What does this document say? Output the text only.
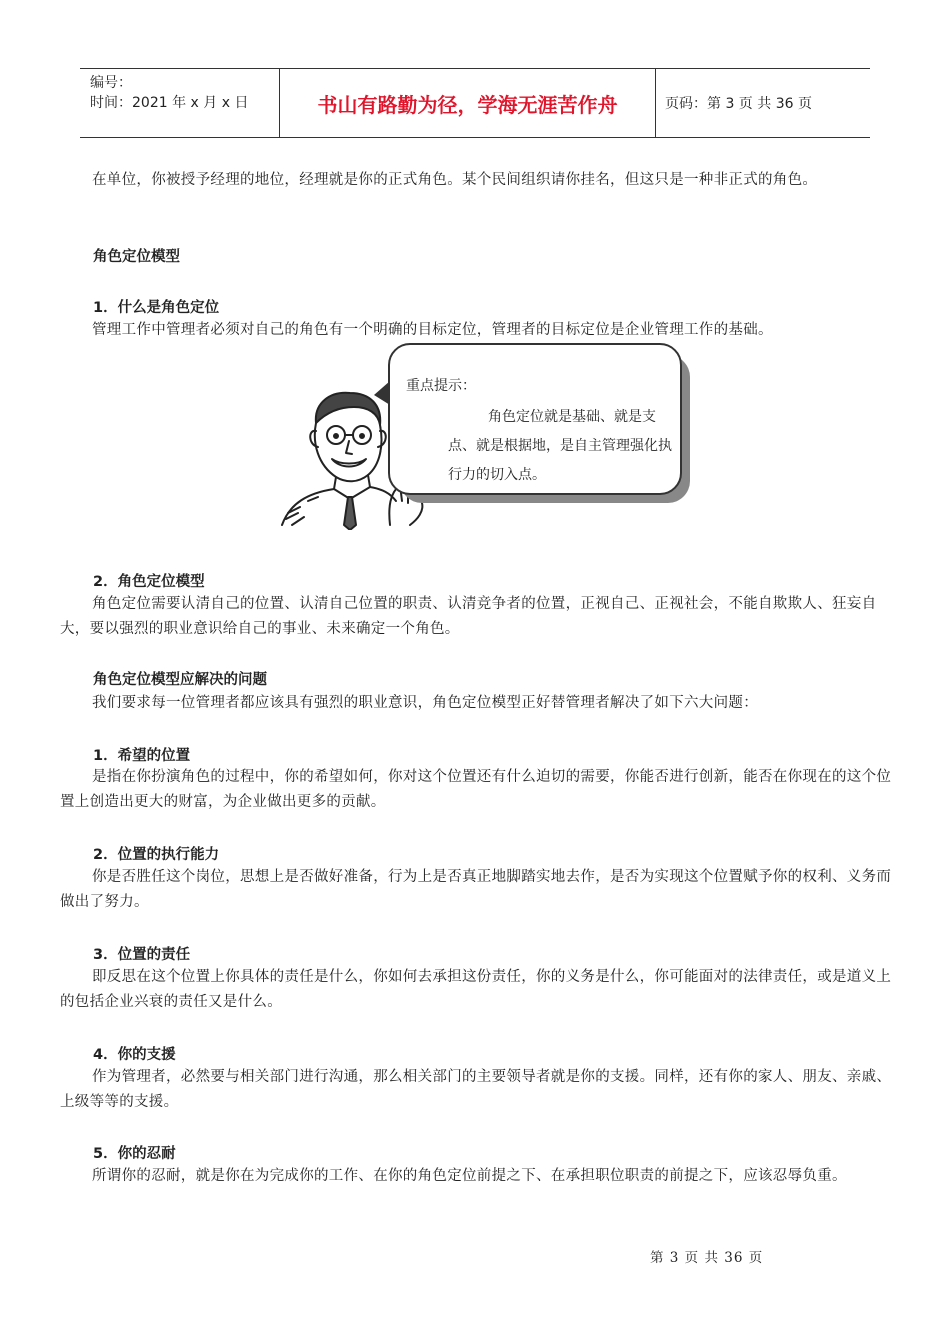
编号：
时间：2021 年 x 月 x 日	书山有路勤为径，学海无涯苦作舟	页码：第 3 页 共 36 页
在单位，你被授予经理的地位，经理就是你的正式角色。某个民间组织请你挂名，但这只是一种非正式的角色。
角色定位模型
1．什么是角色定位
管理工作中管理者必须对自己的角色有一个明确的目标定位，管理者的目标定位是企业管理工作的基础。
重点提示：
角色定位就是基础、就是支点、就是根据地，是自主管理强化执行力的切入点。
2．角色定位模型
角色定位需要认清自己的位置、认清自己位置的职责、认清竞争者的位置，正视自己、正视社会，不能自欺欺人、狂妄自大，要以强烈的职业意识给自己的事业、未来确定一个角色。
角色定位模型应解决的问题
我们要求每一位管理者都应该具有强烈的职业意识，角色定位模型正好替管理者解决了如下六大问题：
1．希望的位置
是指在你扮演角色的过程中，你的希望如何，你对这个位置还有什么迫切的需要，你能否进行创新，能否在你现在的这个位置上创造出更大的财富，为企业做出更多的贡献。
2．位置的执行能力
你是否胜任这个岗位，思想上是否做好准备，行为上是否真正地脚踏实地去作，是否为实现这个位置赋予你的权利、义务而做出了努力。
3．位置的责任
即反思在这个位置上你具体的责任是什么，你如何去承担这份责任，你的义务是什么，你可能面对的法律责任，或是道义上的包括企业兴衰的责任又是什么。
4．你的支援
作为管理者，必然要与相关部门进行沟通，那么相关部门的主要领导者就是你的支援。同样，还有你的家人、朋友、亲戚、上级等等的支援。
5．你的忍耐
所谓你的忍耐，就是你在为完成你的工作、在你的角色定位前提之下、在承担职位职责的前提之下，应该忍辱负重。
第 3 页 共 36 页
